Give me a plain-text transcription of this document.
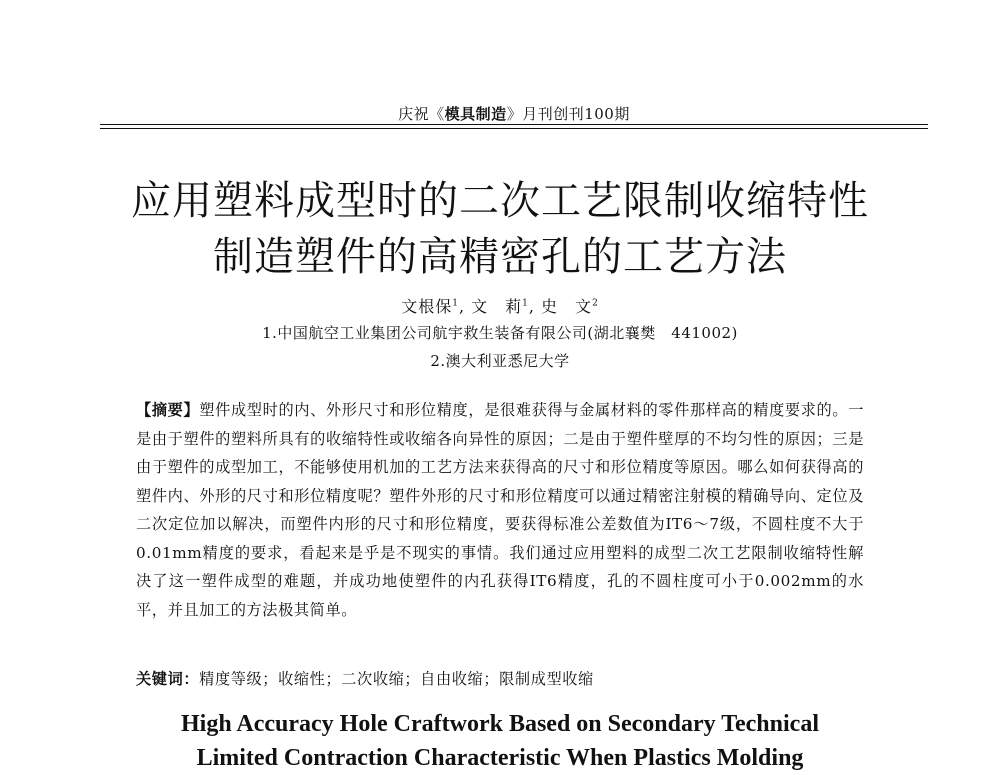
庆祝《模具制造》月刊创刊100期
应用塑料成型时的二次工艺限制收缩特性
制造塑件的高精密孔的工艺方法
文根保$^1$, 文　莉$^1$, 史　文$^2$
1.中国航空工业集团公司航宇救生装备有限公司(湖北襄樊　441002)
2.澳大利亚悉尼大学
【摘要】塑件成型时的内、外形尺寸和形位精度，是很难获得与金属材料的零件那样高的精度要求的。一是由于塑件的塑料所具有的收缩特性或收缩各向异性的原因；二是由于塑件壁厚的不均匀性的原因；三是由于塑件的成型加工，不能够使用机加的工艺方法来获得高的尺寸和形位精度等原因。哪么如何获得高的塑件内、外形的尺寸和形位精度呢？塑件外形的尺寸和形位精度可以通过精密注射模的精确导向、定位及二次定位加以解决，而塑件内形的尺寸和形位精度，要获得标准公差数值为IT6～7级，不圆柱度不大于0.01mm精度的要求，看起来是乎是不现实的事情。我们通过应用塑料的成型二次工艺限制收缩特性解决了这一塑件成型的难题，并成功地使塑件的内孔获得IT6精度，孔的不圆柱度可小于0.002mm的水平，并且加工的方法极其简单。
关键词：精度等级；收缩性；二次收缩；自由收缩；限制成型收缩
High Accuracy Hole Craftwork Based on Secondary Technical
Limited Contraction Characteristic When Plastics Molding
